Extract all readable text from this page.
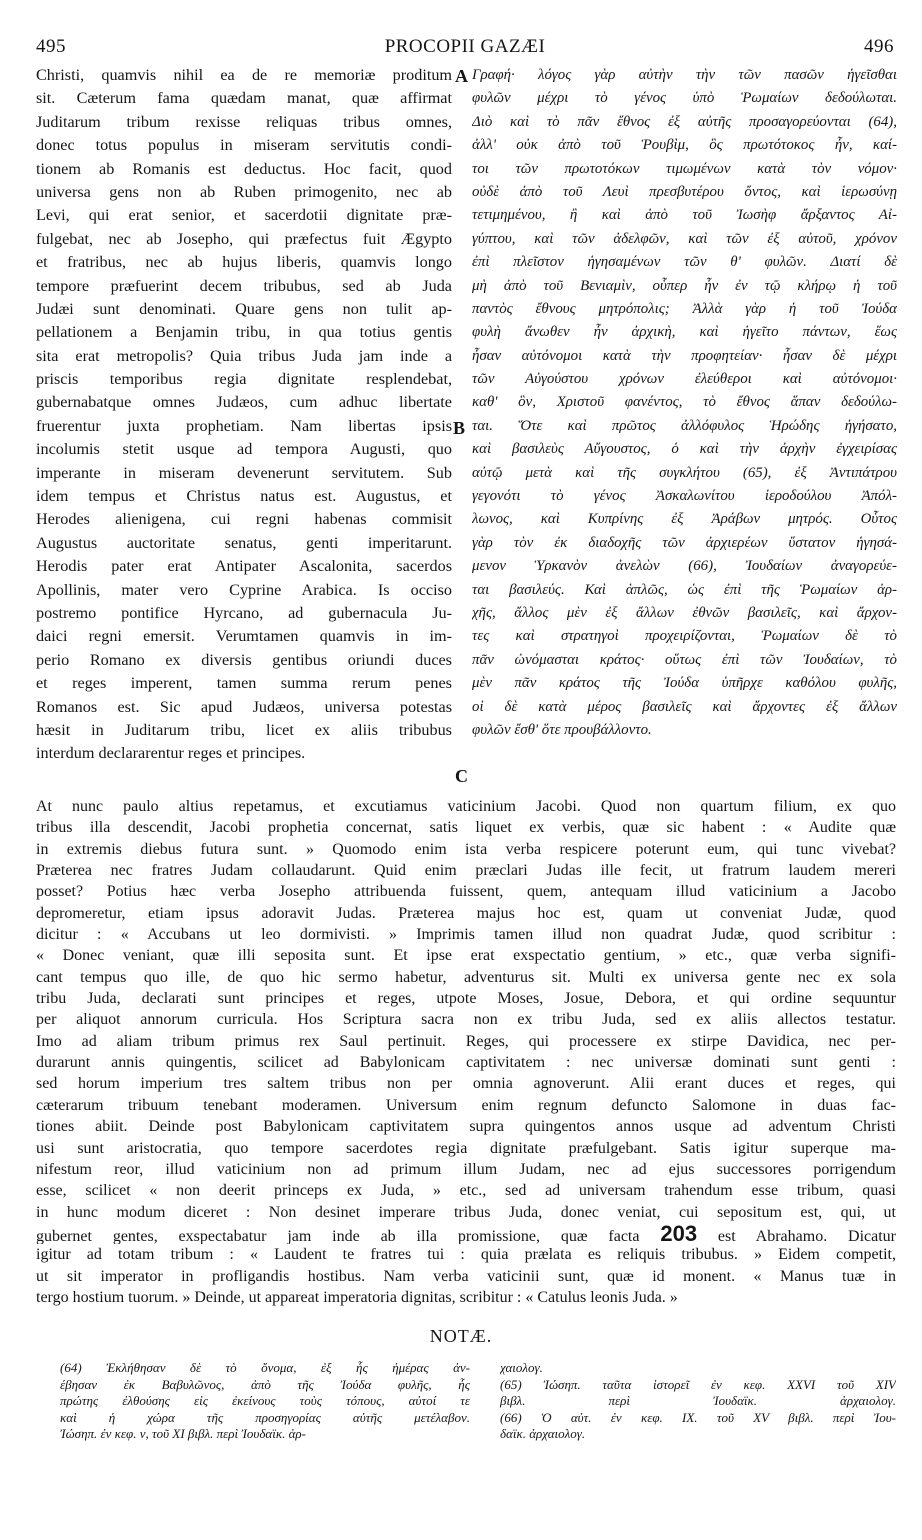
495	PROCOPII GAZÆI	496
Christi, quamvis nihil ea de re memoriæ proditum
sit. Cæterum fama quædam manat, quæ affirmat
Juditarum tribum rexisse reliquas tribus omnes,
donec totus populus in miseram servitutis condi-
tionem ab Romanis est deductus. Hoc facit, quod
universa gens non ab Ruben primogenito, nec ab
Levi, qui erat senior, et sacerdotii dignitate præ-
fulgebat, nec ab Josepho, qui præfectus fuit Ægypto
et fratribus, nec ab hujus liberis, quamvis longo
tempore præfuerint decem tribubus, sed ab Juda
Judæi sunt denominati. Quare gens non tulit ap-
pellationem a Benjamin tribu, in qua totius gentis
sita erat metropolis? Quia tribus Juda jam inde a
priscis temporibus regia dignitate resplendebat,
gubernabatque omnes Judæos, cum adhuc libertate
fruerentur juxta prophetiam. Nam libertas ipsis
incolumis stetit usque ad tempora Augusti, quo
imperante in miseram devenerunt servitutem. Sub
idem tempus et Christus natus est. Augustus, et
Herodes alienigena, cui regni habenas commisit
Augustus auctoritate senatus, genti imperitarunt.
Herodis pater erat Antipater Ascalonita, sacerdos
Apollinis, mater vero Cyprine Arabica. Is occiso
postremo pontifice Hyrcano, ad gubernacula Ju-
daici regni emersit. Verumtamen quamvis in im-
perio Romano ex diversis gentibus oriundi duces
et reges imperent, tamen summa rerum penes
Romanos est. Sic apud Judæos, universa potestas
hæsit in Juditarum tribu, licet ex aliis tribubus
interdum declararentur reges et principes.
Γραφή· λόγος γὰρ αὐτὴν τὴν τῶν πασῶν ἡγεῖσθαι
φυλῶν μέχρι τὸ γένος ὑπὸ Ῥωμαίων δεδούλωται.
Διὸ καὶ τὸ πᾶν ἔθνος ἐξ αὐτῆς προσαγορεύονται (64),
ἀλλ' οὐκ ἀπὸ τοῦ Ῥουβὶμ, ὃς πρωτότοκος ἦν, καί-
τοι τῶν πρωτοτόκων τιμωμένων κατὰ τὸν νόμον·
οὐδὲ ἀπὸ τοῦ Λευὶ πρεσβυτέρου ὄντος, καὶ ἱερωσύνῃ
τετιμημένου, ἢ καὶ ἀπὸ τοῦ Ἰωσὴφ ἄρξαντος Αἰ-
γύπτου, καὶ τῶν ἀδελφῶν, καὶ τῶν ἐξ αὐτοῦ, χρόνον
ἐπὶ πλεῖστον ἡγησαμένων τῶν θ' φυλῶν. Διατί δὲ
μὴ ἀπὸ τοῦ Βενιαμὶν, οὗπερ ἦν ἐν τῷ κλήρῳ ἡ τοῦ
παντὸς ἔθνους μητρόπολις; Ἀλλὰ γὰρ ἡ τοῦ Ἰούδα
φυλὴ ἄνωθεν ἦν ἀρχικὴ, καὶ ἡγεῖτο πάντων, ἕως
ἦσαν αὐτόνομοι κατὰ τὴν προφητείαν· ἦσαν δὲ μέχρι
τῶν Αὐγούστου χρόνων ἐλεύθεροι καὶ αὐτόνομοι·
καθ' ὃν, Χριστοῦ φανέντος, τὸ ἔθνος ἅπαν δεδούλω-
ται. Ὅτε καὶ πρῶτος ἀλλόφυλος Ἡρώδης ἡγήσατο,
καὶ βασιλεὺς Αὔγουστος, ὁ καὶ τὴν ἀρχὴν ἐγχειρίσας
αὐτῷ μετὰ καὶ τῆς συγκλήτου (65), ἐξ Ἀντιπάτρου
γεγονότι τὸ γένος Ἀσκαλωνίτου ἱεροδούλου Ἀπόλ-
λωνος, καὶ Κυπρίνης ἐξ Ἀράβων μητρός. Οὗτος
γὰρ τὸν ἐκ διαδοχῆς τῶν ἀρχιερέων ὕστατον ἡγησά-
μενον Ὑρκανὸν ἀνελὼν (66), Ἰουδαίων ἀναγορεύε-
ται βασιλεύς. Καὶ ἁπλῶς, ὡς ἐπὶ τῆς Ῥωμαίων ἀρ-
χῆς, ἄλλος μὲν ἐξ ἄλλων ἐθνῶν βασιλεῖς, καὶ ἄρχον-
τες καὶ στρατηγοὶ προχειρίζονται, Ῥωμαίων δὲ τὸ
πᾶν ὠνόμασται κράτος· οὕτως ἐπὶ τῶν Ἰουδαίων, τὸ
μὲν πᾶν κράτος τῆς Ἰούδα ὑπῆρχε καθόλου φυλῆς,
οἱ δὲ κατὰ μέρος βασιλεῖς καὶ ἄρχοντες ἐξ ἄλλων
φυλῶν ἔσθ' ὅτε προυβάλλοντο.
A
B
C
At nunc paulo altius repetamus, et excutiamus vaticinium Jacobi. Quod non quartum filium, ex quo
tribus illa descendit, Jacobi prophetia concernat, satis liquet ex verbis, quæ sic habent : « Audite quæ
in extremis diebus futura sunt. » Quomodo enim ista verba respicere poterunt eum, qui tunc vivebat?
Præterea nec fratres Judam collaudarunt. Quid enim præclari Judas ille fecit, ut fratrum laudem mereri
posset? Potius hæc verba Josepho attribuenda fuissent, quem, antequam illud vaticinium a Jacobo
depromeretur, etiam ipsus adoravit Judas. Præterea majus hoc est, quam ut conveniat Judæ, quod
dicitur : « Accubans ut leo dormivisti. » Imprimis tamen illud non quadrat Judæ, quod scribitur :
« Donec veniant, quæ illi seposita sunt. Et ipse erat exspectatio gentium, » etc., quæ verba signifi-
cant tempus quo ille, de quo hic sermo habetur, adventurus sit. Multi ex universa gente nec ex sola
tribu Juda, declarati sunt principes et reges, utpote Moses, Josue, Debora, et qui ordine sequuntur
per aliquot annorum curricula. Hos Scriptura sacra non ex tribu Juda, sed ex aliis allectos testatur.
Imo ad aliam tribum primus rex Saul pertinuit. Reges, qui processere ex stirpe Davidica, nec per-
durarunt annis quingentis, scilicet ad Babylonicam captivitatem : nec universæ dominati sunt genti :
sed horum imperium tres saltem tribus non per omnia agnoverunt. Alii erant duces et reges, qui
cæterarum tribuum tenebant moderamen. Universum enim regnum defuncto Salomone in duas fac-
tiones abiit. Deinde post Babylonicam captivitatem supra quingentos annos usque ad adventum Christi
usi sunt aristocratia, quo tempore sacerdotes regia dignitate præfulgebant. Satis igitur superque ma-
nifestum reor, illud vaticinium non ad primum illum Judam, nec ad ejus successores porrigendum
esse, scilicet « non deerit princeps ex Juda, » etc., sed ad universam trahendum esse tribum, quasi
in hunc modum diceret : Non desinet imperare tribus Juda, donec veniat, cui sepositum est, qui, ut
gubernet gentes, exspectabatur jam inde ab illa promissione, quæ facta 203 est Abrahamo. Dicatur
igitur ad totam tribum : « Laudent te fratres tui : quia prælata es reliquis tribubus. » Eidem competit,
ut sit imperator in profligandis hostibus. Nam verba vaticinii sunt, quæ id monent. « Manus tuæ in
tergo hostium tuorum. » Deinde, ut appareat imperatoria dignitas, scribitur : « Catulus leonis Juda. »
NOTÆ.
(64) Ἐκλήθησαν δὲ τὸ ὄνομα, ἐξ ἧς ἡμέρας ἀν-
έβησαν ἐκ Βαβυλῶνος, ἀπὸ τῆς Ἰούδα φυλῆς, ἧς
πρώτης ἐλθούσης εἰς ἐκείνους τοὺς τόπους, αὐτοί τε
καὶ ἡ χώρα τῆς προσηγορίας αὐτῆς μετέλαβον.
Ἰώσηπ. ἐν κεφ. ν, τοῦ ΧΙ βιβλ. περὶ Ἰουδαϊκ. ἀρ-
χαιολογ.
(65) Ἰώσηπ. ταῦτα ἱστορεῖ ἐν κεφ. XXVI τοῦ XIV
βιβλ. περὶ Ἰουδαϊκ. ἀρχαιολογ.
(66) Ὁ αὐτ. ἐν κεφ. IX. τοῦ XV βιβλ. περὶ Ἰου-
δαϊκ. ἀρχαιολογ.
